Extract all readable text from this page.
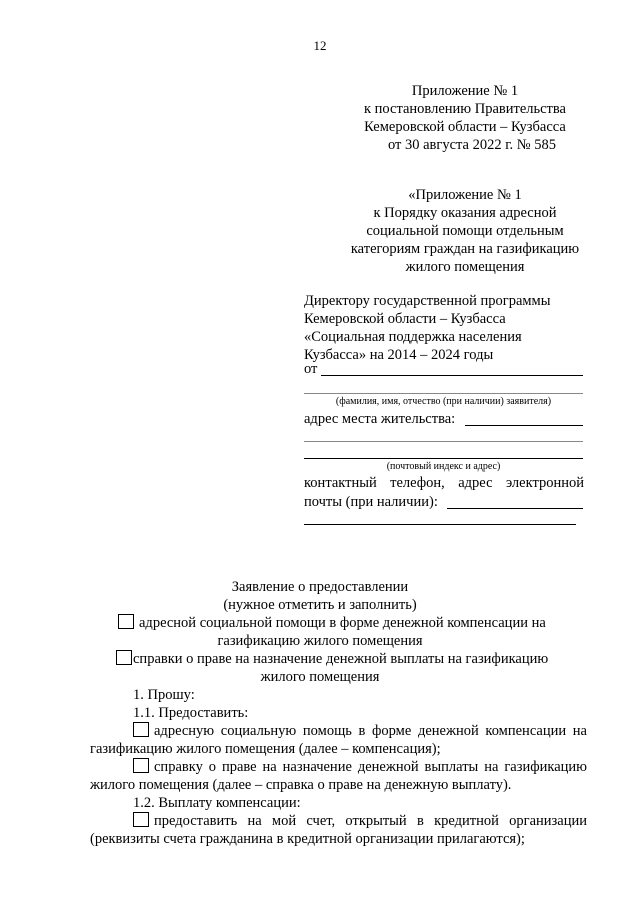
12
Приложение № 1
к постановлению Правительства
Кемеровской области – Кузбасса
от 30 августа 2022 г. № 585
«Приложение № 1
к Порядку оказания адресной
социальной помощи отдельным
категориям граждан на газификацию
жилого помещения
Директору государственной программы
Кемеровской области – Кузбасса
«Социальная поддержка населения
Кузбасса» на 2014 – 2024 годы
от
(фамилия, имя, отчество (при наличии) заявителя)
адрес места жительства:
(почтовый индекс и адрес)
контактный телефон, адрес электронной
почты (при наличии):
Заявление о предоставлении
(нужное отметить и заполнить)
адресной социальной помощи в форме денежной компенсации на
газификацию жилого помещения
справки о праве на назначение денежной выплаты на газификацию
жилого помещения
1. Прошу:
1.1. Предоставить:
адресную социальную помощь в форме денежной компенсации на
газификацию жилого помещения (далее – компенсация);
справку о праве на назначение денежной выплаты на газификацию
жилого помещения (далее – справка о праве на денежную выплату).
1.2. Выплату компенсации:
предоставить на мой счет, открытый в кредитной организации
(реквизиты счета гражданина в кредитной организации прилагаются);
